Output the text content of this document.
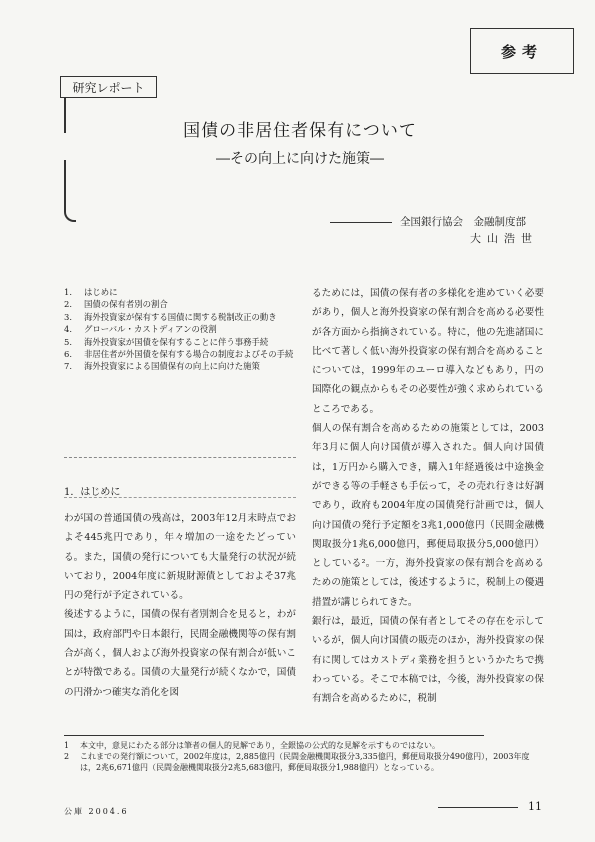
参考
研究レポート
国債の非居住者保有について
―その向上に向けた施策―
全国銀行協会　金融制度部
大山浩世
1.	はじめに
2.	国債の保有者別の割合
3.	海外投資家が保有する国債に関する税制改正の動き
4.	グローバル・カストディアンの役割
5.	海外投資家が国債を保有することに伴う事務手続
6.	非居住者が外国債を保有する場合の制度およびその手続
7.	海外投資家による国債保有の向上に向けた施策
1．はじめに

わが国の普通国債の残高は，2003年12月末時点でおよそ445兆円であり，年々増加の一途をたどっている。また，国債の発行についても大量発行の状況が続いており，2004年度に新規財源債としておよそ37兆円の発行が予定されている。

後述するように，国債の保有者別割合を見ると，わが国は，政府部門や日本銀行，民間金融機関等の保有割合が高く，個人および海外投資家の保有割合が低いことが特徴である。国債の大量発行が続くなかで，国債の円滑かつ確実な消化を図

るためには，国債の保有者の多様化を進めていく必要があり，個人と海外投資家の保有割合を高める必要性が各方面から指摘されている。特に，他の先進諸国に比べて著しく低い海外投資家の保有割合を高めることについては，1999年のユーロ導入などもあり，円の国際化の観点からもその必要性が強く求められているところである。

個人の保有割合を高めるための施策としては，2003年3月に個人向け国債が導入された。個人向け国債は，1万円から購入でき，購入1年経過後は中途換金ができる等の手軽さも手伝って，その売れ行きは好調であり，政府も2004年度の国債発行計画では，個人向け国債の発行予定額を3兆1,000億円（民間金融機関取扱分1兆6,000億円，郵便局取扱分5,000億円）としている²。一方，海外投資家の保有割合を高めるための施策としては，後述するように，税制上の優遇措置が講じられてきた。

銀行は，最近，国債の保有者としてその存在を示しているが，個人向け国債の販売のほか，海外投資家の保有に関してはカストディ業務を担うというかたちで携わっている。そこで本稿では，今後，海外投資家の保有割合を高めるために，税制

1	本文中，意見にわたる部分は筆者の個人的見解であり，全銀協の公式的な見解を示すものではない。
2	これまでの発行額について，2002年度は，2,885億円（民間金融機関取扱分3,335億円，郵便局取扱分490億円），2003年度は，2兆6,671億円（民間金融機関取扱分2兆5,683億円，郵便局取扱分1,988億円）となっている。
公庫 2004.6	11
